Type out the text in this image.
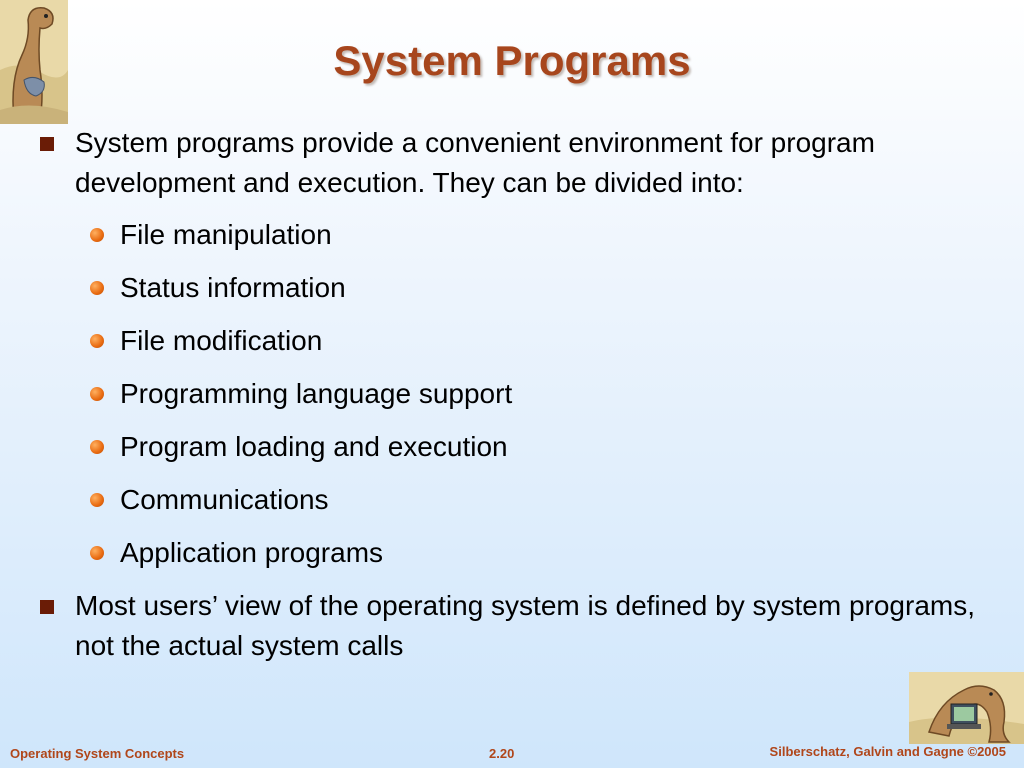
System Programs
System programs provide a convenient environment for program development and execution. They can be divided into:
File manipulation
Status information
File modification
Programming language support
Program loading and execution
Communications
Application programs
Most users’ view of the operating system is defined by system programs, not the actual system calls
Operating System Concepts	2.20	Silberschatz, Galvin and Gagne ©2005
